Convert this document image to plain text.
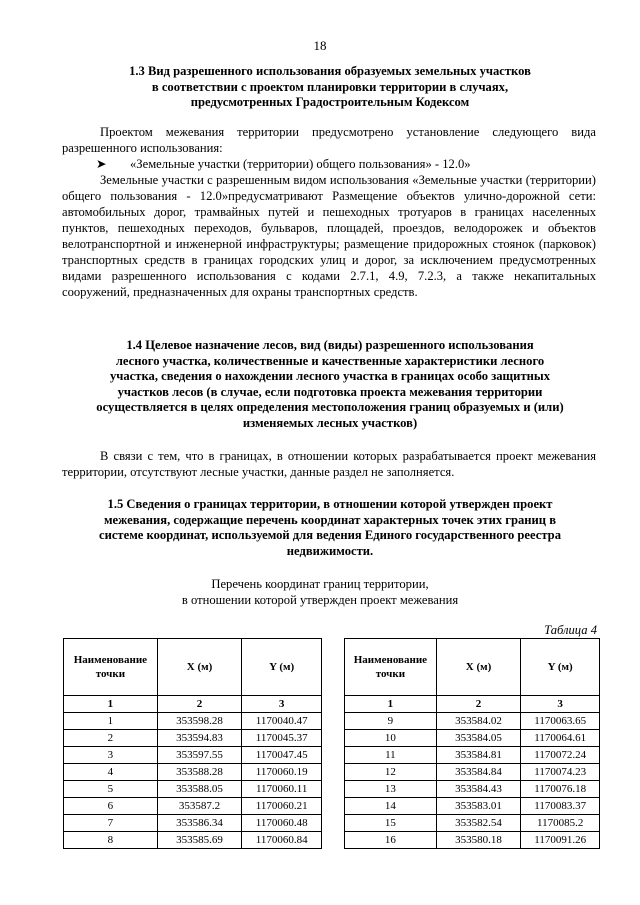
18
1.3 Вид разрешенного использования образуемых земельных участков
в соответствии с проектом планировки территории в случаях,
предусмотренных Градостроительным Кодексом
Проектом межевания территории предусмотрено установление следующего вида разрешенного использования:
➤ «Земельные участки (территории) общего пользования» - 12.0»
Земельные участки с разрешенным видом использования «Земельные участки (территории) общего пользования - 12.0»предусматривают Размещение объектов улично-дорожной сети: автомобильных дорог, трамвайных путей и пешеходных тротуаров в границах населенных пунктов, пешеходных переходов, бульваров, площадей, проездов, велодорожек и объектов велотранспортной и инженерной инфраструктуры; размещение придорожных стоянок (парковок) транспортных средств в границах городских улиц и дорог, за исключением предусмотренных видами разрешенного использования с кодами 2.7.1, 4.9, 7.2.3, а также некапитальных сооружений, предназначенных для охраны транспортных средств.
1.4 Целевое назначение лесов, вид (виды) разрешенного использования
лесного участка, количественные и качественные характеристики лесного
участка, сведения о нахождении лесного участка в границах особо защитных
участков лесов (в случае, если подготовка проекта межевания территории
осуществляется в целях определения местоположения границ образуемых и (или)
изменяемых лесных участков)
В связи с тем, что в границах, в отношении которых разрабатывается проект межевания территории, отсутствуют лесные участки, данные раздел не заполняется.
1.5 Сведения о границах территории, в отношении которой утвержден проект
межевания, содержащие перечень координат характерных точек этих границ в
системе координат, используемой для ведения Единого государственного реестра
недвижимости.
Перечень координат границ территории,
в отношении которой утвержден проект межевания
Таблица 4
Наименование точки	X (м)	Y (м)
1	2	3
1	353598.28	1170040.47
2	353594.83	1170045.37
3	353597.55	1170047.45
4	353588.28	1170060.19
5	353588.05	1170060.11
6	353587.2	1170060.21
7	353586.34	1170060.48
8	353585.69	1170060.84
Наименование точки	X (м)	Y (м)
1	2	3
9	353584.02	1170063.65
10	353584.05	1170064.61
11	353584.81	1170072.24
12	353584.84	1170074.23
13	353584.43	1170076.18
14	353583.01	1170083.37
15	353582.54	1170085.2
16	353580.18	1170091.26
